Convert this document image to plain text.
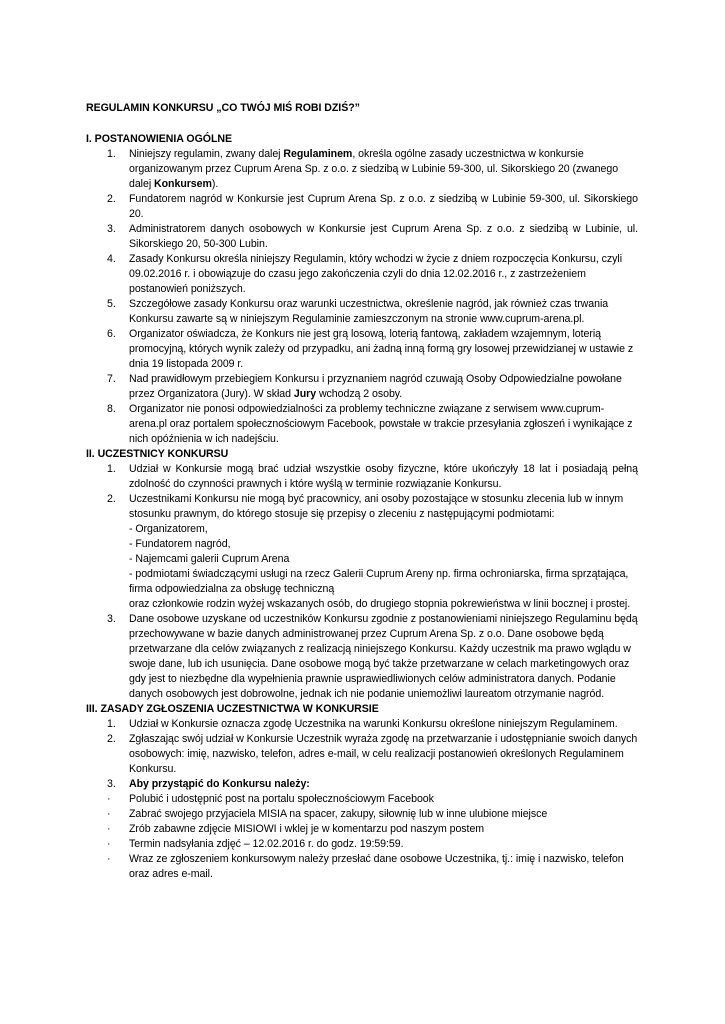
REGULAMIN KONKURSU „CO TWÓJ MIŚ ROBI DZIŚ?”

I. POSTANOWIENIA OGÓLNE

1. Niniejszy regulamin, zwany dalej Regulaminem, określa ogólne zasady uczestnictwa w konkursie organizowanym przez Cuprum Arena Sp. z o.o. z siedzibą w Lubinie 59-300, ul. Sikorskiego 20 (zwanego dalej Konkursem).

2. Fundatorem nagród w Konkursie jest Cuprum Arena Sp. z o.o. z siedzibą w Lubinie 59-300, ul. Sikorskiego 20.

3. Administratorem danych osobowych w Konkursie jest Cuprum Arena Sp. z o.o. z siedzibą w Lubinie, ul. Sikorskiego 20, 50-300 Lubin.

4. Zasady Konkursu określa niniejszy Regulamin, który wchodzi w życie z dniem rozpoczęcia Konkursu, czyli 09.02.2016 r. i obowiązuje do czasu jego zakończenia czyli do dnia 12.02.2016 r., z zastrzeżeniem postanowień poniższych.

5. Szczegółowe zasady Konkursu oraz warunki uczestnictwa, określenie nagród, jak również czas trwania Konkursu zawarte są w niniejszym Regulaminie zamieszczonym na stronie www.cuprum-arena.pl.

6. Organizator oświadcza, że Konkurs nie jest grą losową, loterią fantową, zakładem wzajemnym, loterią promocyjną, których wynik zależy od przypadku, ani żadną inną formą gry losowej przewidzianej w ustawie z dnia 19 listopada 2009 r.

7. Nad prawidłowym przebiegiem Konkursu i przyznaniem nagród czuwają Osoby Odpowiedzialne powołane przez Organizatora (Jury). W skład Jury wchodzą 2 osoby.

8. Organizator nie ponosi odpowiedzialności za problemy techniczne związane z serwisem www.cuprum-arena.pl oraz portalem społecznościowym Facebook, powstałe w trakcie przesyłania zgłoszeń i wynikające z nich opóźnienia w ich nadejściu.

II. UCZESTNICY KONKURSU

1. Udział w Konkursie mogą brać udział wszystkie osoby fizyczne, które ukończyły 18 lat i posiadają pełną zdolność do czynności prawnych i które wyślą w terminie rozwiązanie Konkursu.

2. Uczestnikami Konkursu nie mogą być pracownicy, ani osoby pozostające w stosunku zlecenia lub w innym stosunku prawnym, do którego stosuje się przepisy o zleceniu z następującymi podmiotami:

- Organizatorem,

- Fundatorem nagród,

- Najemcami galerii Cuprum Arena

- podmiotami świadczącymi usługi na rzecz Galerii Cuprum Areny np. firma ochroniarska, firma sprzątająca, firma odpowiedzialna za obsługę techniczną

oraz członkowie rodzin wyżej wskazanych osób, do drugiego stopnia pokrewieństwa w linii bocznej i prostej.

3. Dane osobowe uzyskane od uczestników Konkursu zgodnie z postanowieniami niniejszego Regulaminu będą przechowywane w bazie danych administrowanej przez Cuprum Arena Sp. z o.o. Dane osobowe będą przetwarzane dla celów związanych z realizacją niniejszego Konkursu. Każdy uczestnik ma prawo wglądu w swoje dane, lub ich usunięcia. Dane osobowe mogą być także przetwarzane w celach marketingowych oraz gdy jest to niezbędne dla wypełnienia prawnie usprawiedliwionych celów administratora danych. Podanie danych osobowych jest dobrowolne, jednak ich nie podanie uniemożliwi laureatom otrzymanie nagród.

III. ZASADY ZGŁOSZENIA UCZESTNICTWA W KONKURSIE

1. Udział w Konkursie oznacza zgodę Uczestnika na warunki Konkursu określone niniejszym Regulaminem.

2. Zgłaszając swój udział w Konkursie Uczestnik wyraża zgodę na przetwarzanie i udostępnianie swoich danych osobowych: imię, nazwisko, telefon, adres e-mail, w celu realizacji postanowień określonych Regulaminem Konkursu.

3. Aby przystąpić do Konkursu należy:

· Polubić i udostępnić post na portalu społecznościowym Facebook

· Zabrać swojego przyjaciela MISIA na spacer, zakupy, siłownię lub w inne ulubione miejsce

· Zrób zabawne zdjęcie MISIOWI i wklej je w komentarzu pod naszym postem

· Termin nadsyłania zdjęć – 12.02.2016 r. do godz. 19:59:59.

· Wraz ze zgłoszeniem konkursowym należy przesłać dane osobowe Uczestnika, tj.: imię i nazwisko, telefon oraz adres e-mail.
